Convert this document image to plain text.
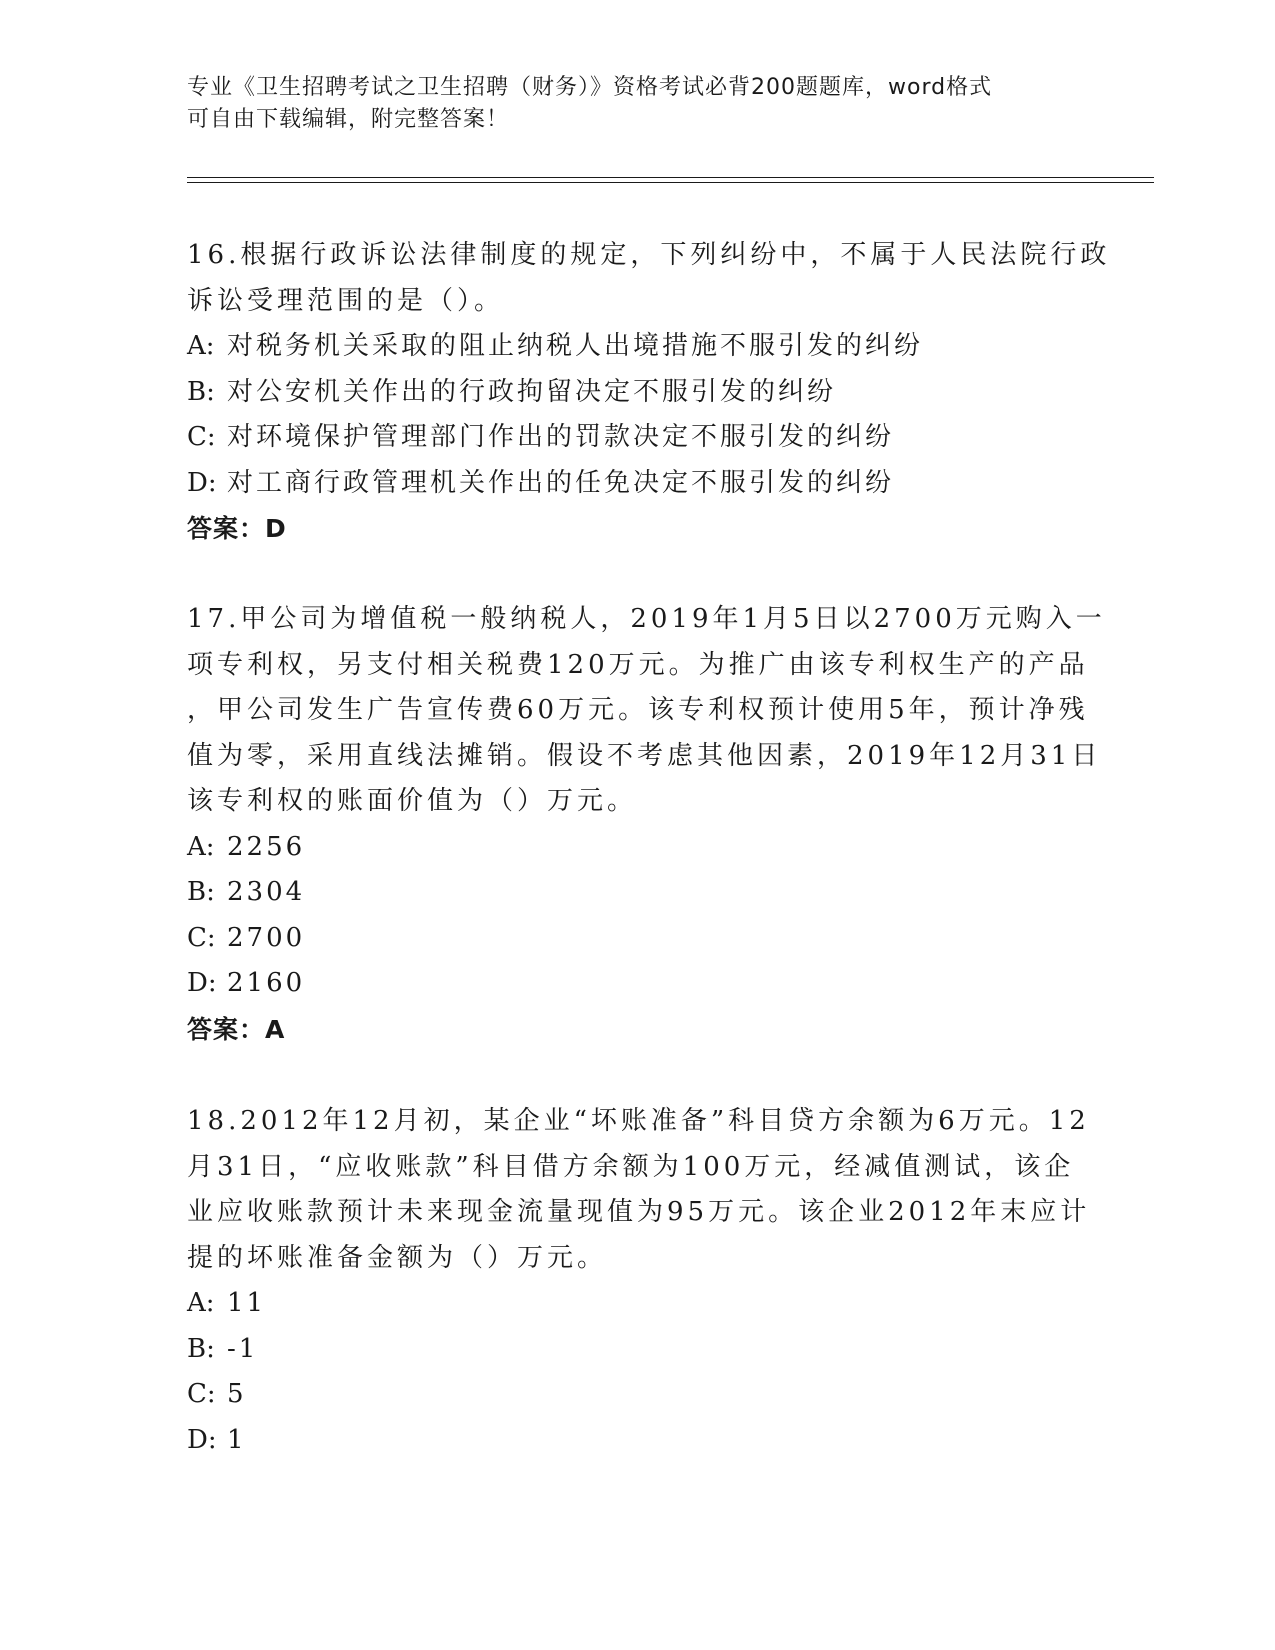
专业《卫生招聘考试之卫生招聘（财务）》资格考试必背200题题库，word格式
可自由下载编辑，附完整答案！
16.根据行政诉讼法律制度的规定，下列纠纷中，不属于人民法院行政
诉讼受理范围的是（）。
A: 对税务机关采取的阻止纳税人出境措施不服引发的纠纷
B: 对公安机关作出的行政拘留决定不服引发的纠纷
C: 对环境保护管理部门作出的罚款决定不服引发的纠纷
D: 对工商行政管理机关作出的任免决定不服引发的纠纷
答案：D
17.甲公司为增值税一般纳税人，2019年1月5日以2700万元购入一
项专利权，另支付相关税费120万元。为推广由该专利权生产的产品
，甲公司发生广告宣传费60万元。该专利权预计使用5年，预计净残
值为零，采用直线法摊销。假设不考虑其他因素，2019年12月31日
该专利权的账面价值为（）万元。
A: 2256
B: 2304
C: 2700
D: 2160
答案：A
18.2012年12月初，某企业“坏账准备”科目贷方余额为6万元。12
月31日，“应收账款”科目借方余额为100万元，经减值测试，该企
业应收账款预计未来现金流量现值为95万元。该企业2012年末应计
提的坏账准备金额为（）万元。
A: 11
B: -1
C: 5
D: 1
